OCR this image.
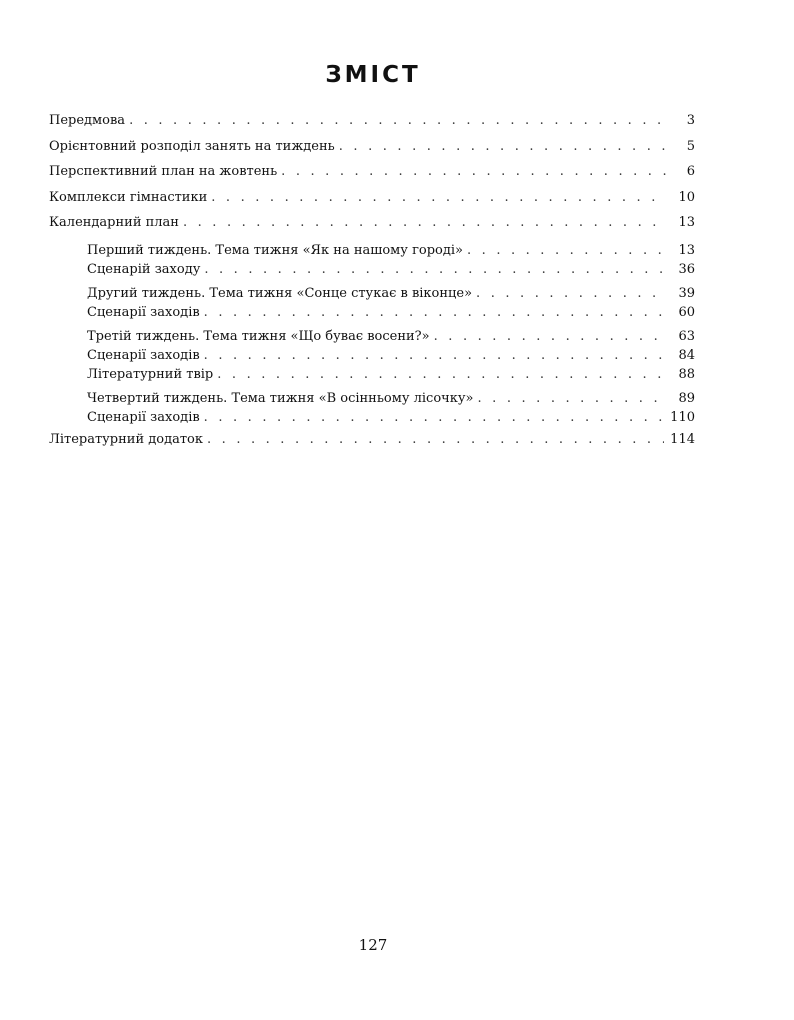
ЗМІСТ
Передмова . . .	3
Орієнтовний розподіл занять на тиждень . . .	5
Перспективний план на жовтень . . .	6
Комплекси гімнастики . . .	10
Календарний план . . .	13
Перший тиждень. Тема тижня «Як на нашому городі» . . .	13
Сценарій заходу . . .	36
Другий тиждень. Тема тижня «Сонце стукає в віконце» . . .	39
Сценарії заходів . . .	60
Третій тиждень. Тема тижня «Що буває восени?» . . .	63
Сценарії заходів . . .	84
Літературний твір . . .	88
Четвертий тиждень. Тема тижня «В осінньому лісочку» . . .	89
Сценарії заходів . . .	110
Літературний додаток . . .	114
127
